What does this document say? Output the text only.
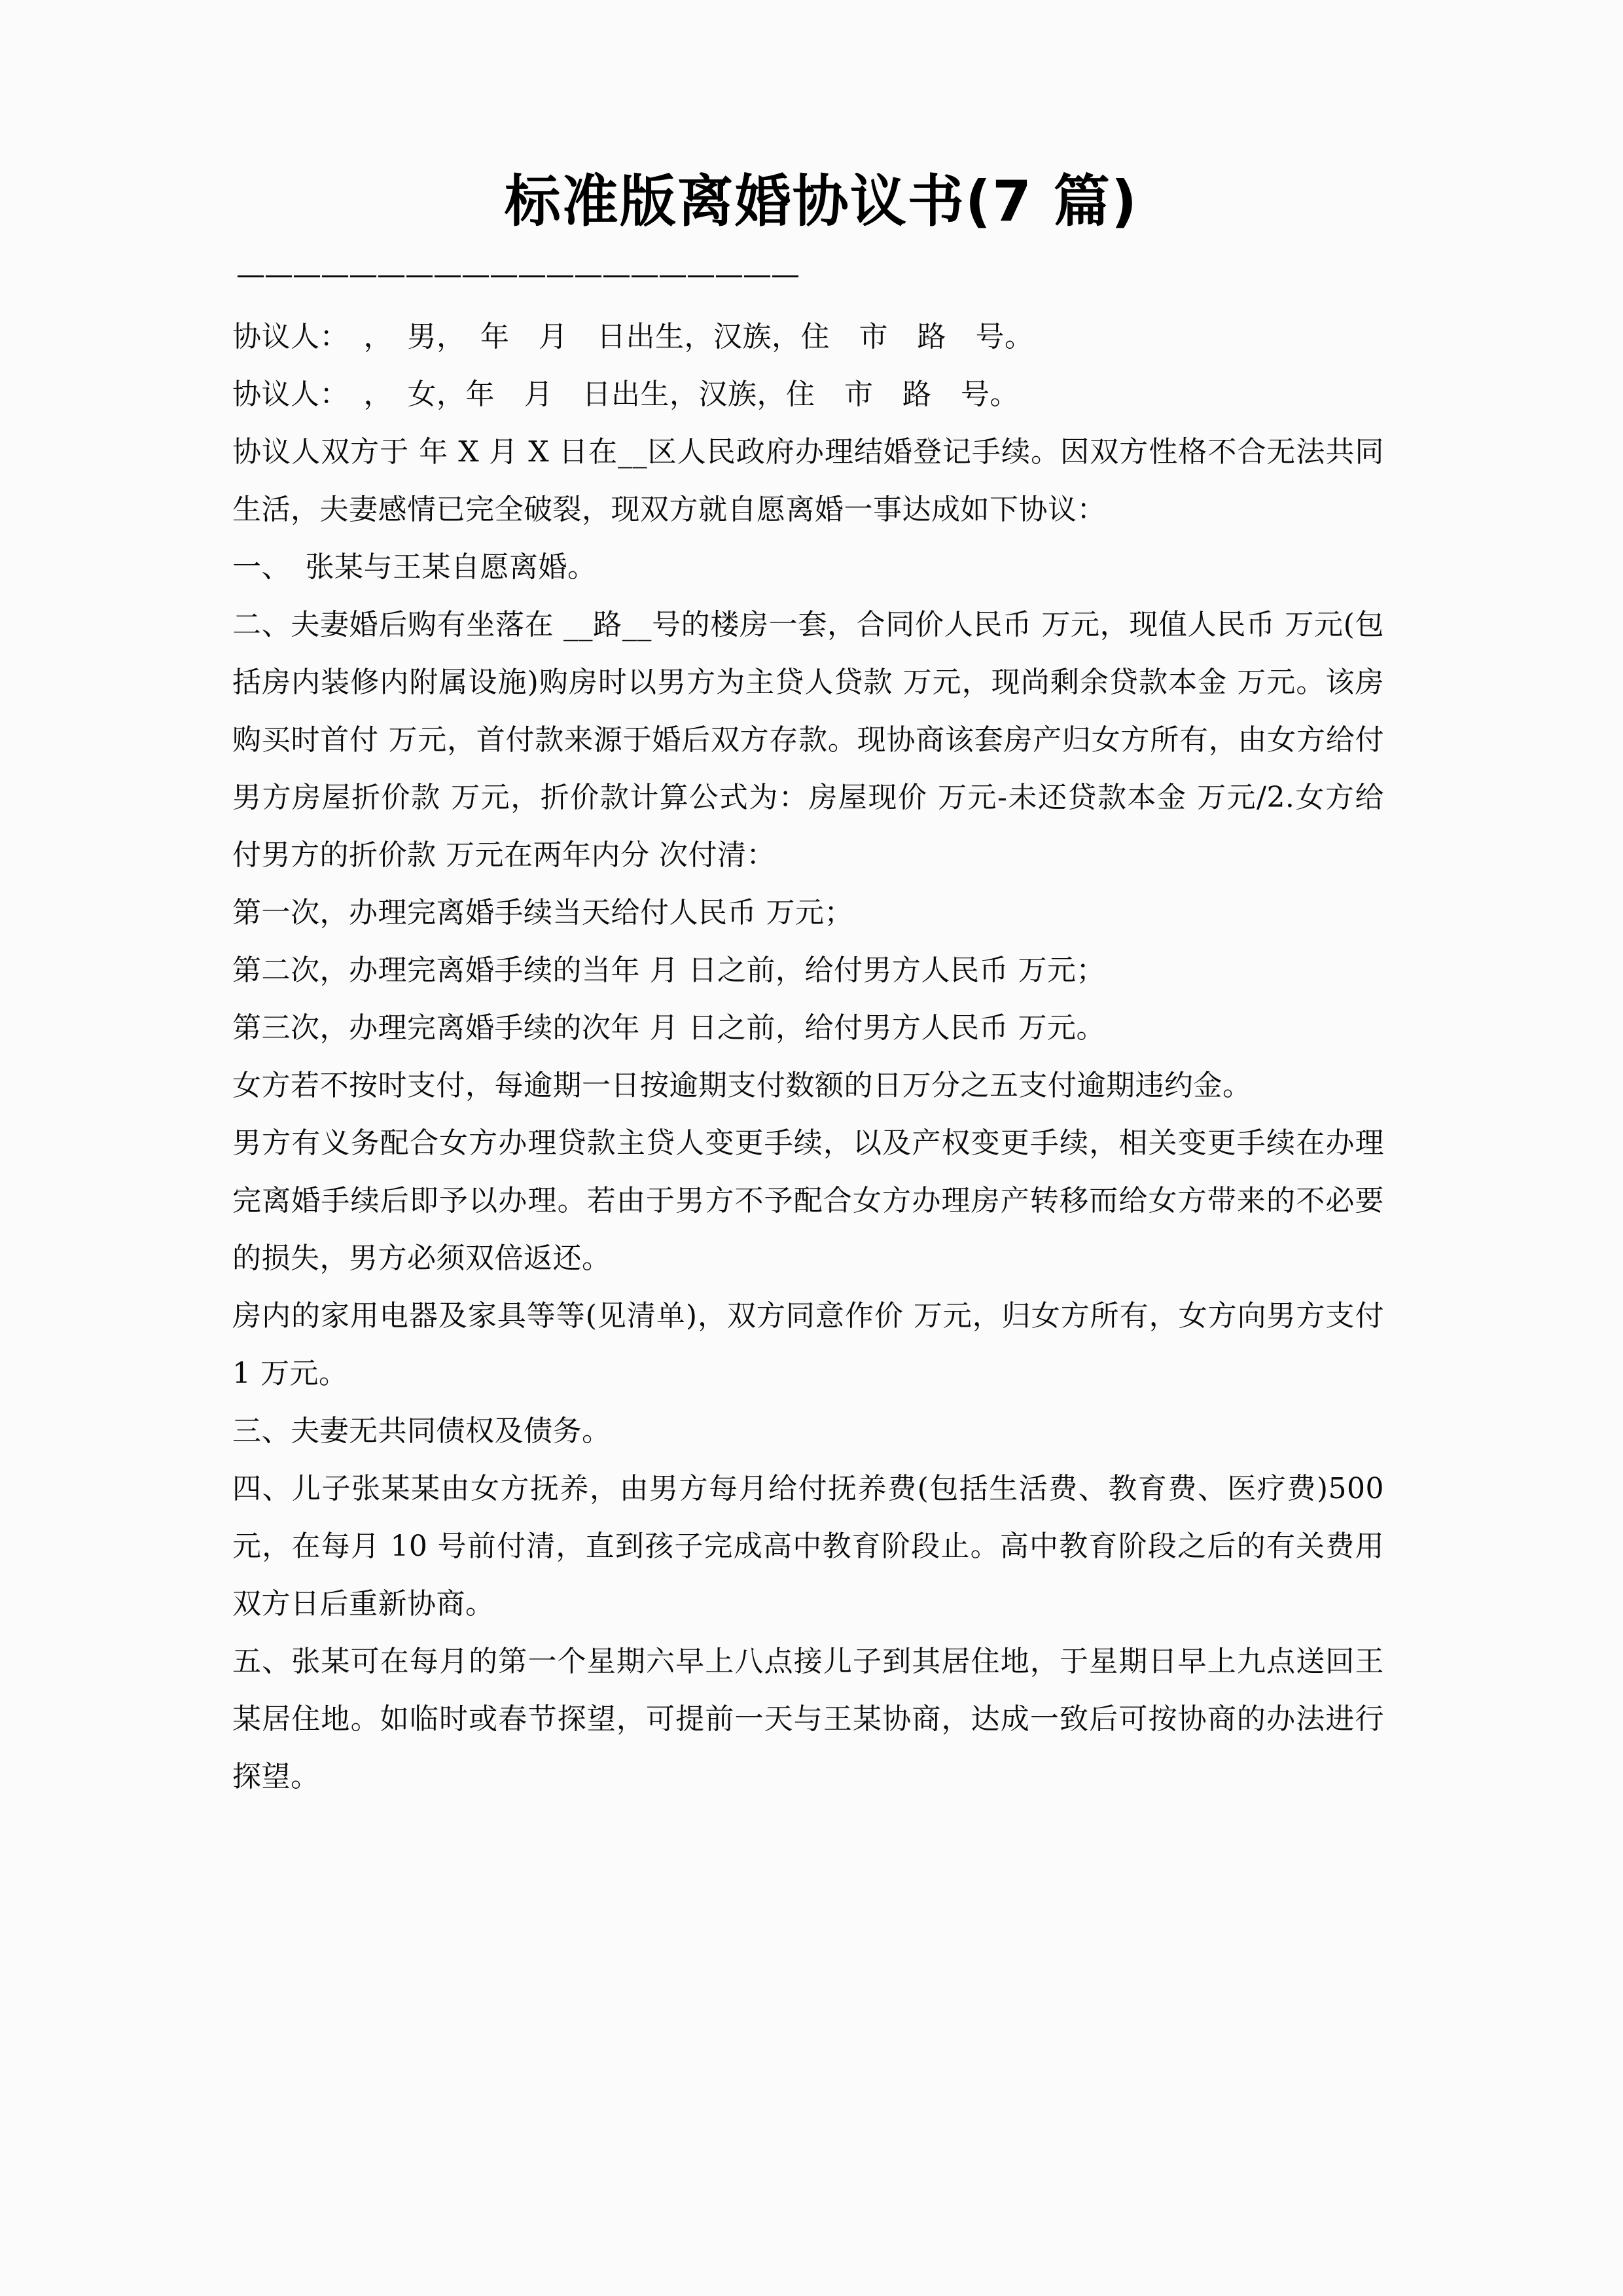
标准版离婚协议书(7 篇)
————————————————————

协议人：　，　男，　年　月　日出生，汉族，住　市　路　号。

协议人：　，　女，年　月　日出生，汉族，住　市　路　号。

协议人双方于 年 X 月 X 日在__区人民政府办理结婚登记手续。因双方性格不合无法共同生活，夫妻感情已完全破裂，现双方就自愿离婚一事达成如下协议：

一、　张某与王某自愿离婚。

二、夫妻婚后购有坐落在 __路__号的楼房一套，合同价人民币 万元，现值人民币 万元(包括房内装修内附属设施)购房时以男方为主贷人贷款 万元，现尚剩余贷款本金 万元。该房购买时首付 万元，首付款来源于婚后双方存款。现协商该套房产归女方所有，由女方给付男方房屋折价款 万元，折价款计算公式为：房屋现价 万元-未还贷款本金 万元/2.女方给付男方的折价款 万元在两年内分 次付清：

第一次，办理完离婚手续当天给付人民币 万元；

第二次，办理完离婚手续的当年 月 日之前，给付男方人民币 万元；

第三次，办理完离婚手续的次年 月 日之前，给付男方人民币 万元。

女方若不按时支付，每逾期一日按逾期支付数额的日万分之五支付逾期违约金。

男方有义务配合女方办理贷款主贷人变更手续，以及产权变更手续，相关变更手续在办理完离婚手续后即予以办理。若由于男方不予配合女方办理房产转移而给女方带来的不必要的损失，男方必须双倍返还。

房内的家用电器及家具等等(见清单)，双方同意作价 万元，归女方所有，女方向男方支付 1 万元。

三、夫妻无共同债权及债务。

四、儿子张某某由女方抚养，由男方每月给付抚养费(包括生活费、教育费、医疗费)500 元，在每月 10 号前付清，直到孩子完成高中教育阶段止。高中教育阶段之后的有关费用双方日后重新协商。

五、张某可在每月的第一个星期六早上八点接儿子到其居住地，于星期日早上九点送回王某居住地。如临时或春节探望，可提前一天与王某协商，达成一致后可按协商的办法进行探望。
